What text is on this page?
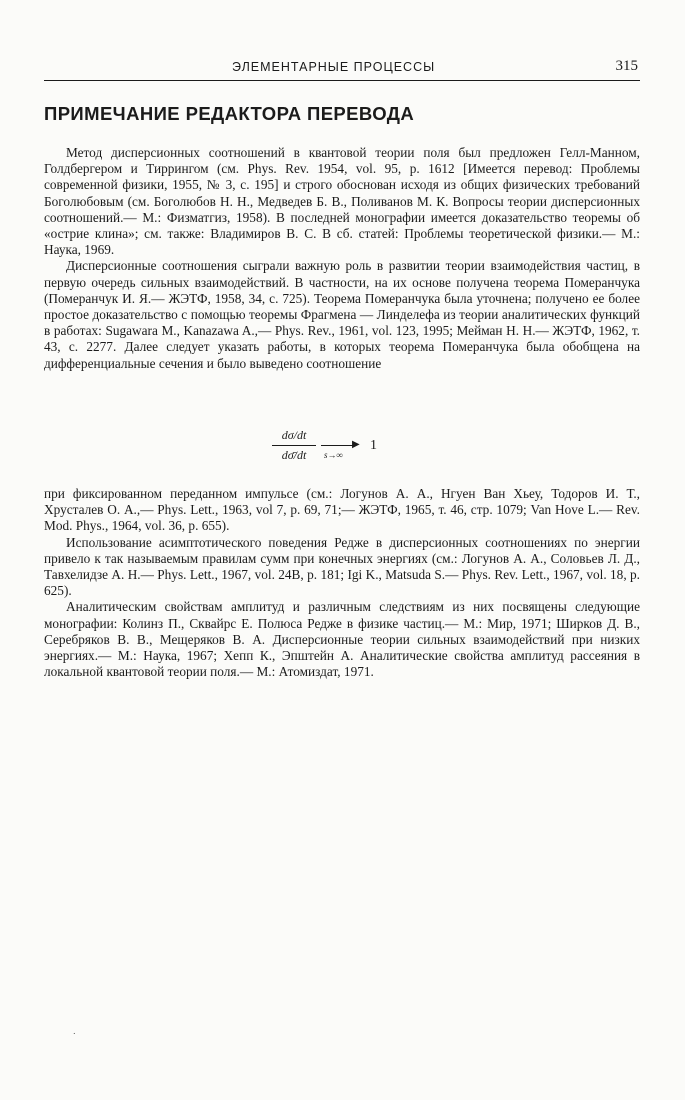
ЭЛЕМЕНТАРНЫЕ ПРОЦЕССЫ	315
ПРИМЕЧАНИЕ РЕДАКТОРА ПЕРЕВОДА

Метод дисперсионных соотношений в квантовой теории поля был предложен Гелл-Манном, Голдбергером и Тиррингом (см. Phys. Rev. 1954, vol. 95, p. 1612 [Имеется перевод: Проблемы современной физики, 1955, № 3, с. 195] и строго обоснован исходя из общих физических требований Боголюбовым (см. Боголюбов Н. Н., Медведев Б. В., Поливанов М. К. Вопросы теории дисперсионных соотношений.— М.: Физматгиз, 1958). В последней монографии имеется доказательство теоремы об «острие клина»; см. также: Владимиров В. С. В сб. статей: Проблемы теоретической физики.— М.: Наука, 1969.

Дисперсионные соотношения сыграли важную роль в развитии теории взаимодействия частиц, в первую очередь сильных взаимодействий. В частности, на их основе получена теорема Померанчука (Померанчук И. Я.— ЖЭТФ, 1958, 34, с. 725). Теорема Померанчука была уточнена; получено ее более простое доказательство с помощью теоремы Фрагмена — Линделефа из теории аналитических функций в работах: Sugawara M., Kanazawa A.,— Phys. Rev., 1961, vol. 123, 1995; Мейман Н. Н.— ЖЭТФ, 1962, т. 43, с. 2277. Далее следует указать работы, в которых теорема Померанчука была обобщена на дифференциальные сечения и было выведено соотношение

$\frac{d\sigma/dt}{d\sigmā/dt}$	▶
s→∞
1

при фиксированном переданном импульсе (см.: Логунов А. А., Нгуен Ван Хьеу, Тодоров И. Т., Хрусталев О. А.,— Phys. Lett., 1963, vol 7, p. 69, 71;— ЖЭТФ, 1965, т. 46, стр. 1079; Van Hove L.— Rev. Mod. Phys., 1964, vol. 36, p. 655).

Использование асимптотического поведения Редже в дисперсионных соотношениях по энергии привело к так называемым правилам сумм при конечных энергиях (см.: Логунов А. А., Соловьев Л. Д., Тавхелидзе А. Н.— Phys. Lett., 1967, vol. 24B, p. 181; Igi K., Matsuda S.— Phys. Rev. Lett., 1967, vol. 18, p. 625).

Аналитическим свойствам амплитуд и различным следствиям из них посвящены следующие монографии: Колинз П., Сквайрс Е. Полюса Редже в физике частиц.— М.: Мир, 1971; Ширков Д. В., Серебряков В. В., Мещеряков В. А. Дисперсионные теории сильных взаимодействий при низких энергиях.— М.: Наука, 1967; Хепп К., Эпштейн А. Аналитические свойства амплитуд рассеяния в локальной квантовой теории поля.— М.: Атомиздат, 1971.

.
